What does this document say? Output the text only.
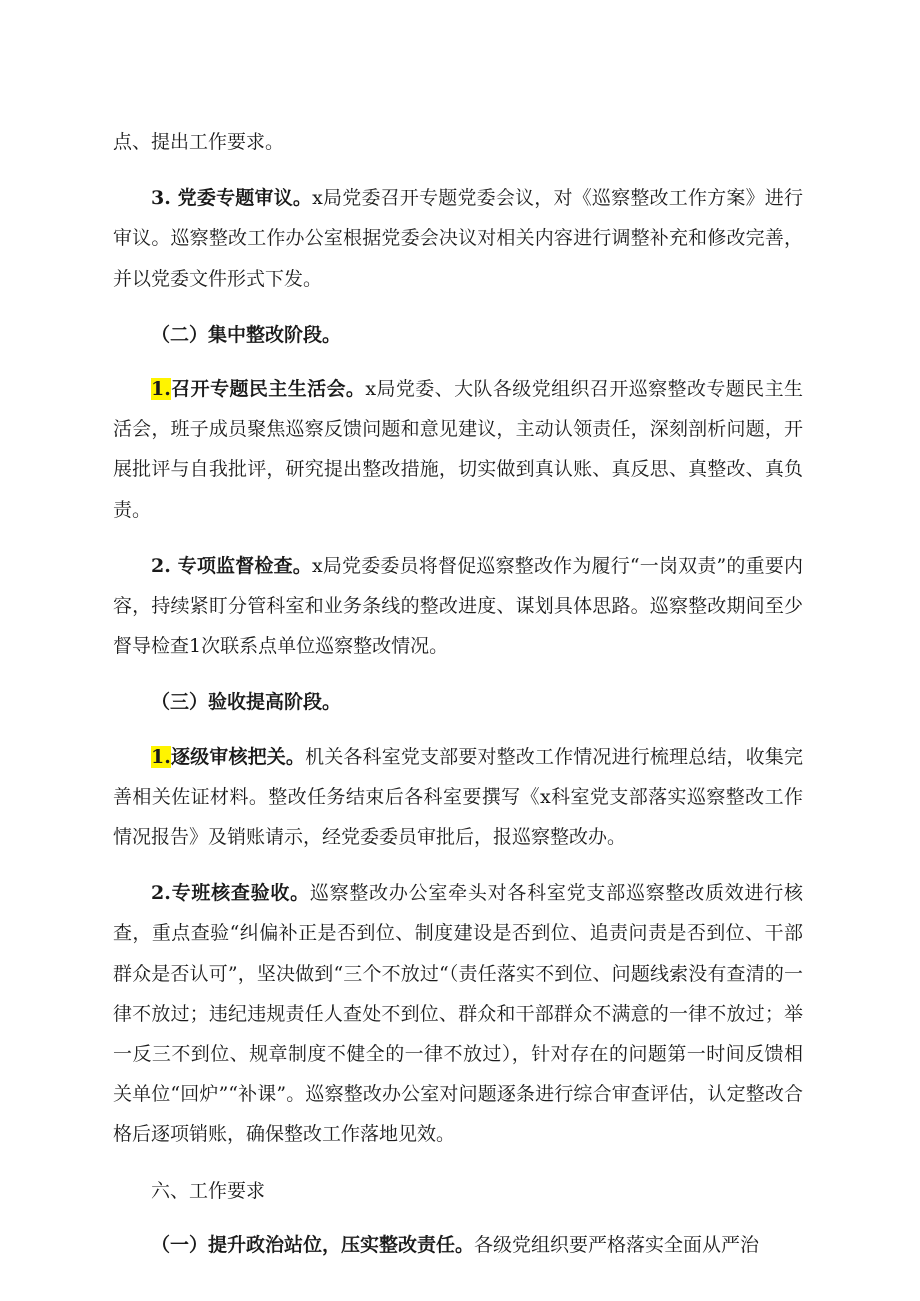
点、提出工作要求。

3. 党委专题审议。x局党委召开专题党委会议，对《巡察整改工作方案》进行审议。巡察整改工作办公室根据党委会决议对相关内容进行调整补充和修改完善，并以党委文件形式下发。

（二）集中整改阶段。

1.召开专题民主生活会。x局党委、大队各级党组织召开巡察整改专题民主生活会，班子成员聚焦巡察反馈问题和意见建议，主动认领责任，深刻剖析问题，开展批评与自我批评，研究提出整改措施，切实做到真认账、真反思、真整改、真负责。

2. 专项监督检查。x局党委委员将督促巡察整改作为履行“一岗双责”的重要内容，持续紧盯分管科室和业务条线的整改进度、谋划具体思路。巡察整改期间至少督导检查1次联系点单位巡察整改情况。

（三）验收提高阶段。

1.逐级审核把关。机关各科室党支部要对整改工作情况进行梳理总结，收集完善相关佐证材料。整改任务结束后各科室要撰写《x科室党支部落实巡察整改工作情况报告》及销账请示，经党委委员审批后，报巡察整改办。

2.专班核查验收。巡察整改办公室牵头对各科室党支部巡察整改质效进行核查，重点查验“纠偏补正是否到位、制度建设是否到位、追责问责是否到位、干部群众是否认可”，坚决做到“三个不放过“（责任落实不到位、问题线索没有查清的一律不放过；违纪违规责任人查处不到位、群众和干部群众不满意的一律不放过；举一反三不到位、规章制度不健全的一律不放过），针对存在的问题第一时间反馈相关单位“回炉”“补课”。巡察整改办公室对问题逐条进行综合审查评估，认定整改合格后逐项销账，确保整改工作落地见效。

六、工作要求

（一）提升政治站位，压实整改责任。各级党组织要严格落实全面从严治
